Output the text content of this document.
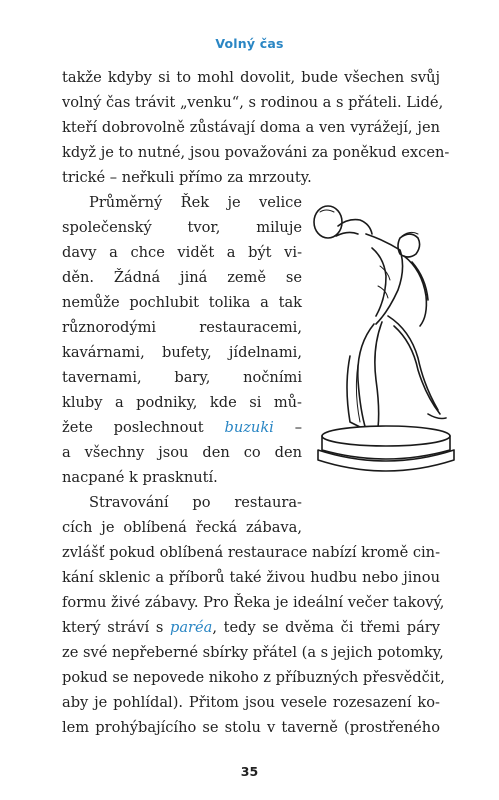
Volný čas
takže kdyby si to mohl dovolit, bude všechen svůj
volný čas trávit „venku“, s rodinou a s přáteli. Lidé,
kteří dobrovolně zůstávají doma a ven vyrážejí, jen
když je to nutné, jsou považováni za poněkud excen-
trické – neřkuli přímo za mrzouty.
Průměrný Řek je velice
společenský tvor, miluje
davy a chce vidět a být vi-
děn. Žádná jiná země se
nemůže pochlubit tolika a tak
různorodými restauracemi,
kavárnami, bufety, jídelnami,
tavernami, bary, nočními
kluby a podniky, kde si mů-
žete poslechnout buzuki –
a všechny jsou den co den
nacpané k prasknutí.
Stravování po restaura-
cích je oblíbená řecká zábava,
zvlášť pokud oblíbená restaurace nabízí kromě cin-
kání sklenic a příborů také živou hudbu nebo jinou
formu živé zábavy. Pro Řeka je ideální večer takový,
který stráví s paréa, tedy se dvěma či třemi páry
ze své nepřeberné sbírky přátel (a s jejich potomky,
pokud se nepovede nikoho z příbuzných přesvědčit,
aby je pohlídal). Přitom jsou vesele rozesazení ko-
lem prohýbajícího se stolu v taverně (prostřeného
35
